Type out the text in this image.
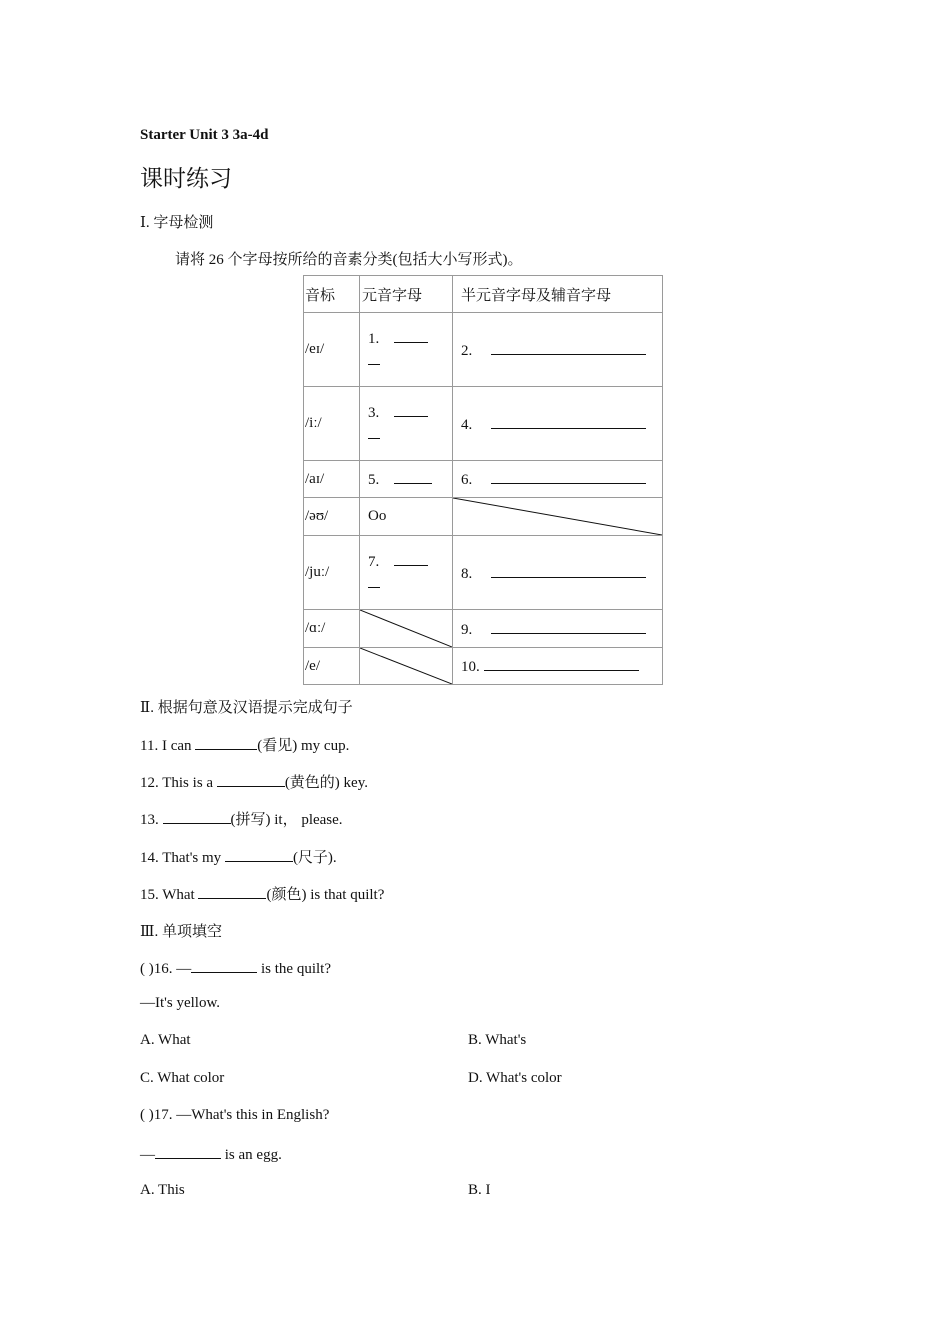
Starter Unit 3 3a-4d
课时练习
Ⅰ. 字母检测
请将 26 个字母按所给的音素分类(包括大小写形式)。
音标	元音字母	半元音字母及辅音字母
/eɪ/	1.	2.
/iː/	3.	4.
/aɪ/	5.	6.
/əʊ/	Oo	

/juː/	7.	8.
/ɑː/		9.
/e/		10.
Ⅱ. 根据句意及汉语提示完成句子
11. I can	(看见) my cup.
12. This is a	(黄色的) key.
13.	(拼写) it， please.
14. That's my	(尺子).
15. What	(颜色) is that quilt?
Ⅲ. 单项填空
( )16. —	is the quilt?
—It's yellow.
A. What	B. What's
C. What color	D. What's color
( )17. —What's this in English?
—	is an egg.
A. This	B. I
